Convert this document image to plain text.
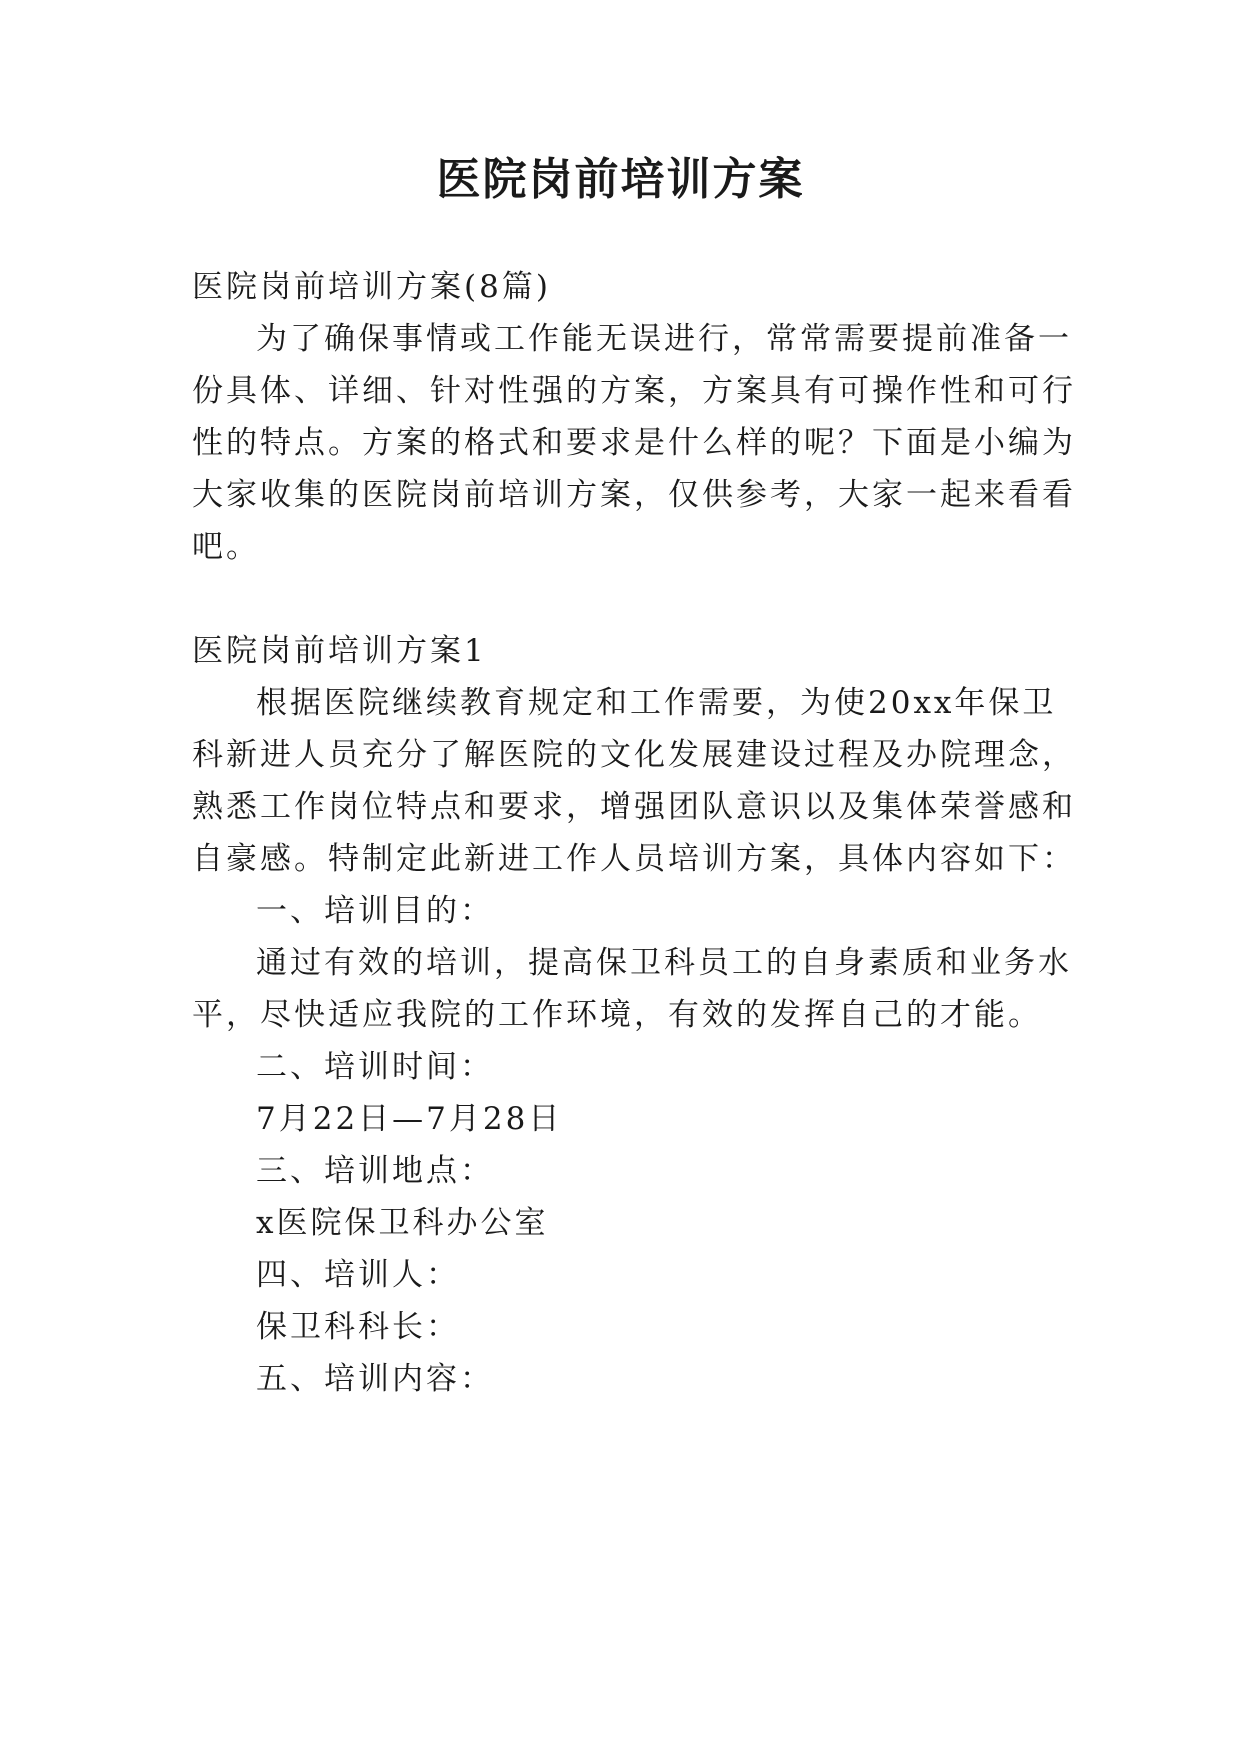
医院岗前培训方案

医院岗前培训方案(8篇)

为了确保事情或工作能无误进行，常常需要提前准备一

份具体、详细、针对性强的方案，方案具有可操作性和可行

性的特点。方案的格式和要求是什么样的呢？下面是小编为

大家收集的医院岗前培训方案，仅供参考，大家一起来看看

吧。

医院岗前培训方案1

根据医院继续教育规定和工作需要，为使20xx年保卫

科新进人员充分了解医院的文化发展建设过程及办院理念，

熟悉工作岗位特点和要求，增强团队意识以及集体荣誉感和

自豪感。特制定此新进工作人员培训方案，具体内容如下：

一、培训目的：

通过有效的培训，提高保卫科员工的自身素质和业务水

平，尽快适应我院的工作环境，有效的发挥自己的才能。

二、培训时间：

7月22日—7月28日

三、培训地点：

x医院保卫科办公室

四、培训人：

保卫科科长：

五、培训内容：
